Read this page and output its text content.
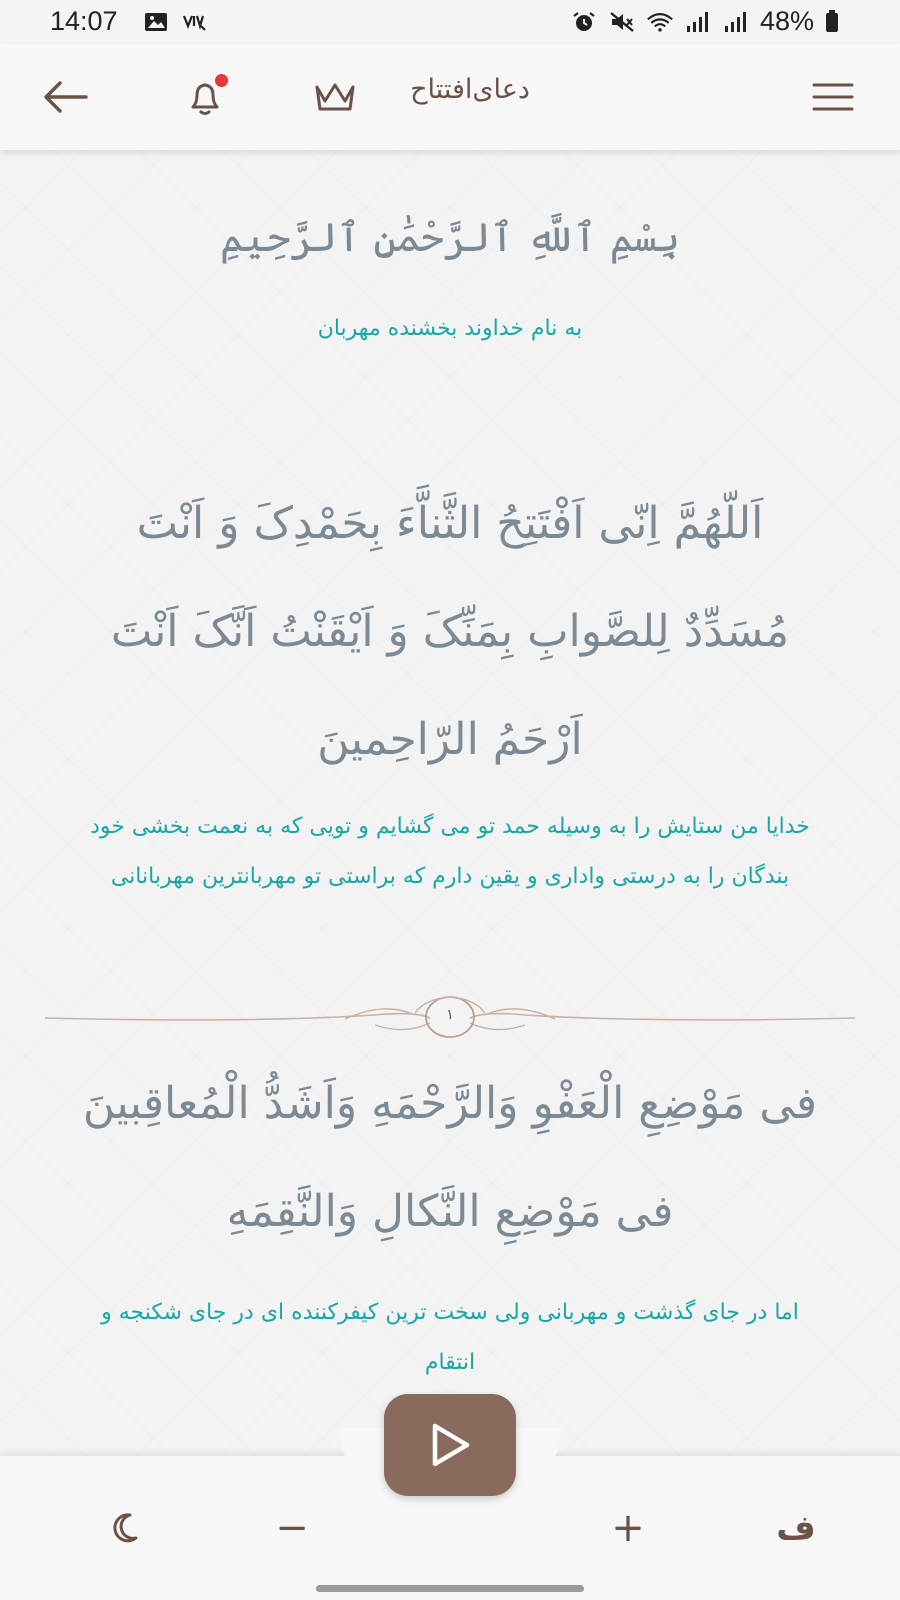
14:07	48%
دعای‌افتتاح
بِسْمِ ٱللَّهِ ٱلرَّحْمَٰنِ ٱلرَّحِيمِ
به نام خداوند بخشنده مهربان
اَللّهُمَّ اِنّی اَفْتَتِحُ الثَّناَّءَ بِحَمْدِکَ وَ اَنْتَ مُسَدِّدٌ لِلصَّوابِ بِمَنِّکَ وَ اَیْقَنْتُ اَنَّکَ اَنْتَ اَرْحَمُ الرّاحِمینَ
خدایا من ستایش را به وسیله حمد تو می گشایم و تویی که به نعمت بخشی خود بندگان را به درستی واداری و یقین دارم که براستی تو مهربانترین مهربانانی
١
فی مَوْضِعِ الْعَفْوِ وَالرَّحْمَهِ وَاَشَدُّ الْمُعاقِبینَ فی مَوْضِعِ النَّکالِ وَالنَّقِمَهِ
اما در جای گذشت و مهربانی ولی سخت ترین کیفرکننده ای در جای شکنجه و انتقام
−	+	ف
